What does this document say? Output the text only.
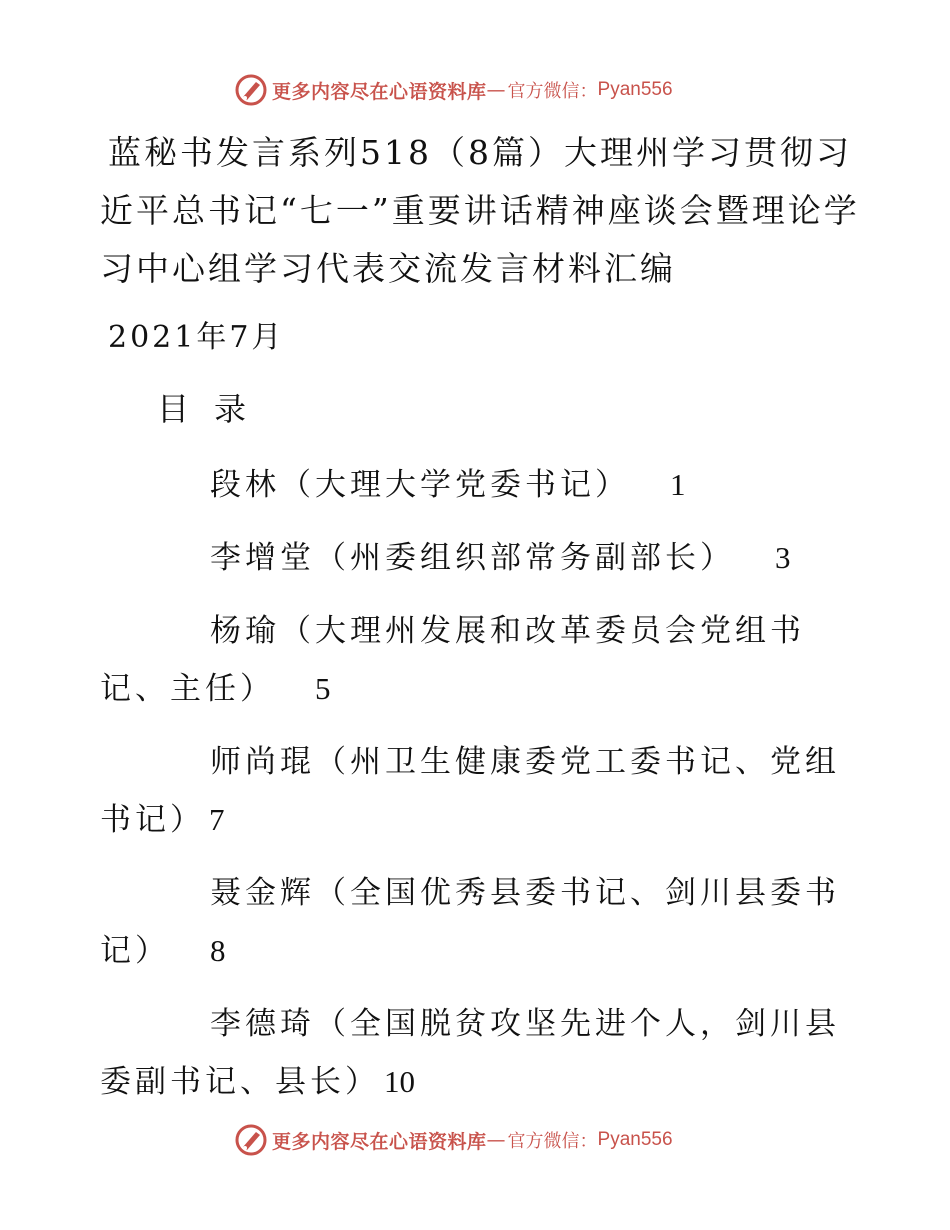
更多内容尽在心语资料库 — 官方微信： Pyan556
蓝秘书发言系列518（8篇）大理州学习贯彻习近平总书记“七一”重要讲话精神座谈会暨理论学习中心组学习代表交流发言材料汇编
2021年7月
目 录
段林（大理大学党委书记） 1
李增堂（州委组织部常务副部长） 3
杨瑜（大理州发展和改革委员会党组书记、主任） 5
师尚琨（州卫生健康委党工委书记、党组书记） 7
聂金辉（全国优秀县委书记、剑川县委书记） 8
李德琦（全国脱贫攻坚先进个人，剑川县委副书记、县长） 10
更多内容尽在心语资料库 — 官方微信： Pyan556
